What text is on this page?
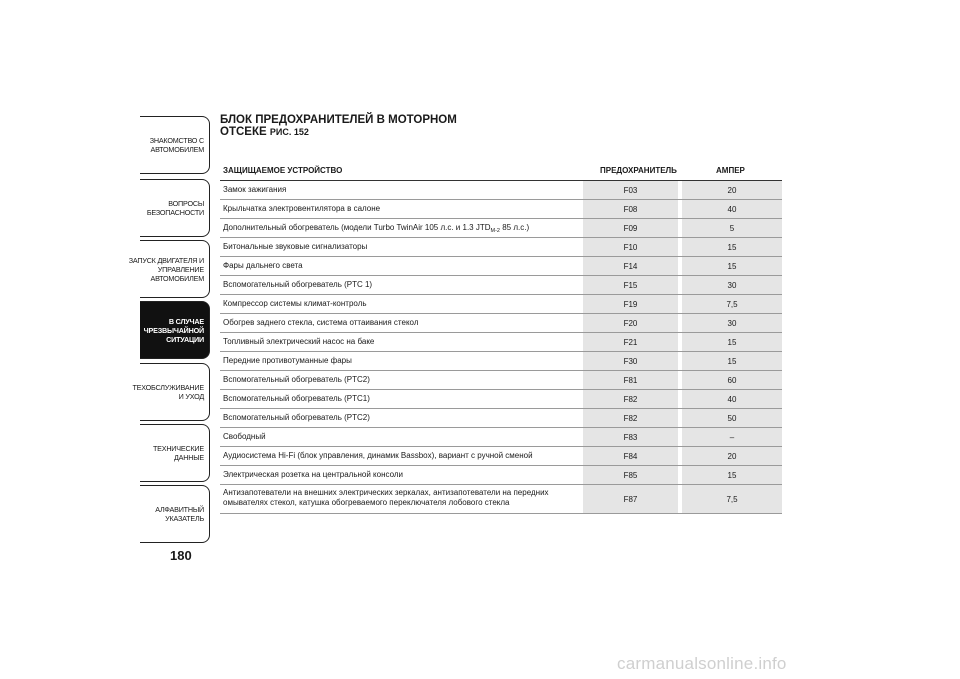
ЗНАКОМСТВО С
АВТОМОБИЛЕМ
ВОПРОСЫ
БЕЗОПАСНОСТИ
ЗАПУСК ДВИГАТЕЛЯ И
УПРАВЛЕНИЕ
АВТОМОБИЛЕМ
В СЛУЧАЕ
ЧРЕЗВЫЧАЙНОЙ
СИТУАЦИИ
ТЕХОБСЛУЖИВАНИЕ
И УХОД
ТЕХНИЧЕСКИЕ
ДАННЫЕ
АЛФАВИТНЫЙ
УКАЗАТЕЛЬ
180
БЛОК ПРЕДОХРАНИТЕЛЕЙ В МОТОРНОМ
ОТСЕКЕ РИС. 152
ЗАЩИЩАЕМОЕ УСТРОЙСТВО	ПРЕДОХРАНИТЕЛЬ	АМПЕР
Замок зажигания	F03	20
Крыльчатка электровентилятора в салоне	F08	40
Дополнительный обогреватель (модели Turbo TwinAir 105 л.с. и 1.3 $JTD_{M-2}$ 85 л.с.)	F09	5
Битональные звуковые сигнализаторы	F10	15
Фары дальнего света	F14	15
Вспомогательный обогреватель (PTC 1)	F15	30
Компрессор системы климат-контроль	F19	7,5
Обогрев заднего стекла, система оттаивания стекол	F20	30
Топливный электрический насос на баке	F21	15
Передние противотуманные фары	F30	15
Вспомогательный обогреватель (PTC2)	F81	60
Вспомогательный обогреватель (PTC1)	F82	40
Вспомогательный обогреватель (PTC2)	F82	50
Свободный	F83	–
Аудиосистема Hi-Fi (блок управления, динамик Bassbox), вариант с ручной сменой	F84	20
Электрическая розетка на центральной консоли	F85	15
Антизапотеватели на внешних электрических зеркалах, антизапотеватели на передних
омывателях стекол, катушка обогреваемого переключателя лобового стекла	F87	7,5
carmanualsonline.info
